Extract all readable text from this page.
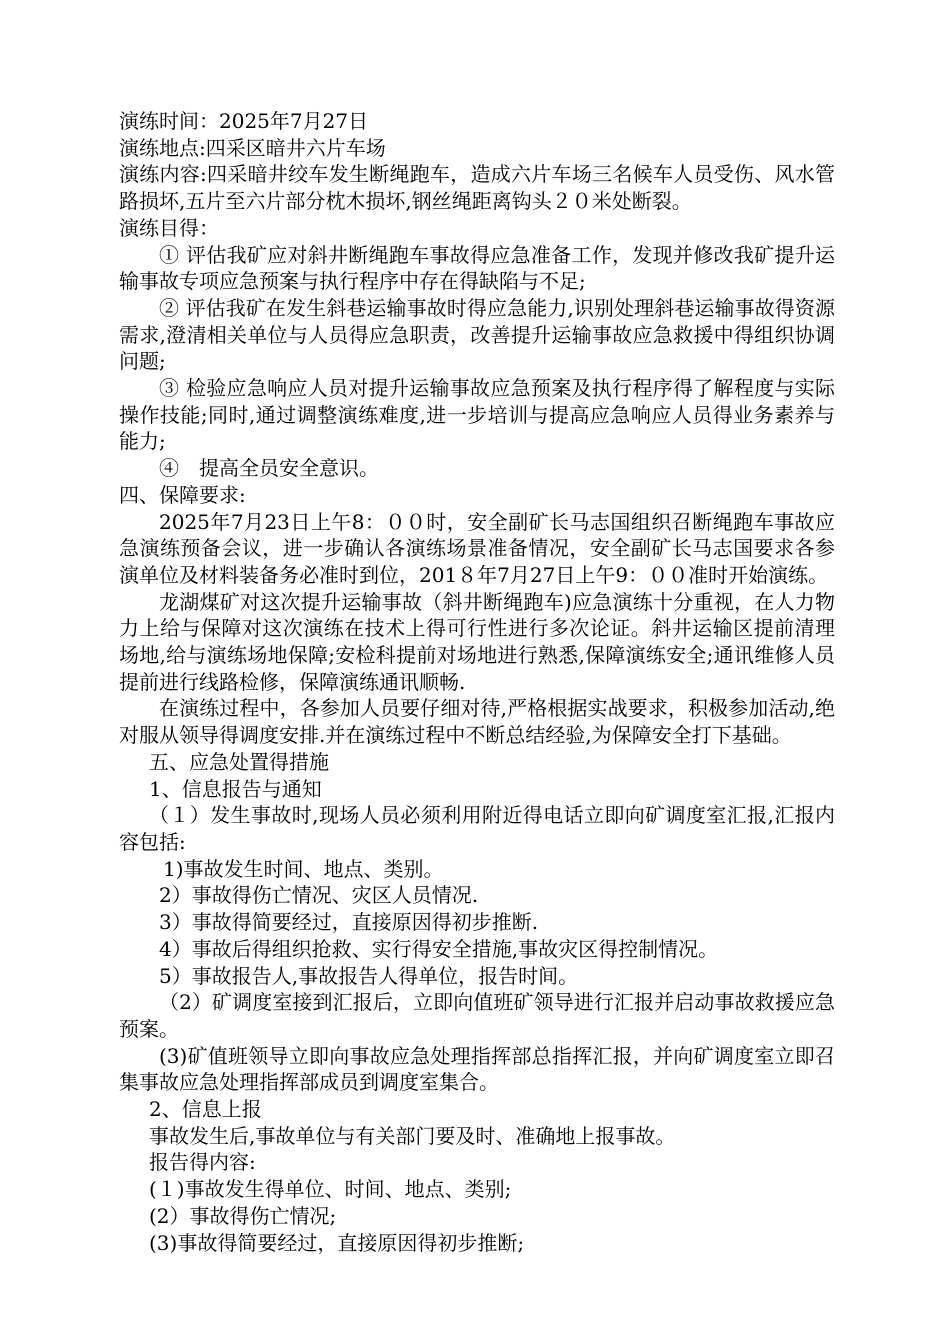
演练时间：2025年7月27日

演练地点:四采区暗井六片车场

演练内容:四采暗井绞车发生断绳跑车，造成六片车场三名候车人员受伤、风水管路损坏,五片至六片部分枕木损坏,钢丝绳距离钩头２０米处断裂。

演练目得：

① 评估我矿应对斜井断绳跑车事故得应急准备工作，发现并修改我矿提升运输事故专项应急预案与执行程序中存在得缺陷与不足;

② 评估我矿在发生斜巷运输事故时得应急能力,识别处理斜巷运输事故得资源需求,澄清相关单位与人员得应急职责，改善提升运输事故应急救援中得组织协调问题;

③ 检验应急响应人员对提升运输事故应急预案及执行程序得了解程度与实际操作技能;同时,通过调整演练难度,进一步培训与提高应急响应人员得业务素养与能力;

④　提高全员安全意识。

四、保障要求:

2025年7月23日上午8：００时，安全副矿长马志国组织召断绳跑车事故应急演练预备会议，进一步确认各演练场景准备情况，安全副矿长马志国要求各参演单位及材料装备务必准时到位，201８年7月27日上午9：００准时开始演练。

龙湖煤矿对这次提升运输事故（斜井断绳跑车)应急演练十分重视，在人力物力上给与保障对这次演练在技术上得可行性进行多次论证。斜井运输区提前清理场地,给与演练场地保障;安检科提前对场地进行熟悉,保障演练安全;通讯维修人员提前进行线路检修，保障演练通讯顺畅.

在演练过程中，各参加人员要仔细对待,严格根据实战要求，积极参加活动,绝对服从领导得调度安排.并在演练过程中不断总结经验,为保障安全打下基础。

五、应急处置得措施

1、信息报告与通知

（１）发生事故时,现场人员必须利用附近得电话立即向矿调度室汇报,汇报内容包括:

1)事故发生时间、地点、类别。

2）事故得伤亡情况、灾区人员情况.

3）事故得简要经过，直接原因得初步推断.

4）事故后得组织抢救、实行得安全措施,事故灾区得控制情况。

5）事故报告人,事故报告人得单位，报告时间。

（2）矿调度室接到汇报后，立即向值班矿领导进行汇报并启动事故救援应急预案。

(3)矿值班领导立即向事故应急处理指挥部总指挥汇报，并向矿调度室立即召集事故应急处理指挥部成员到调度室集合。

2、信息上报

事故发生后,事故单位与有关部门要及时、准确地上报事故。

报告得内容:

(１)事故发生得单位、时间、地点、类别;

(2）事故得伤亡情况;

(3)事故得简要经过，直接原因得初步推断;
